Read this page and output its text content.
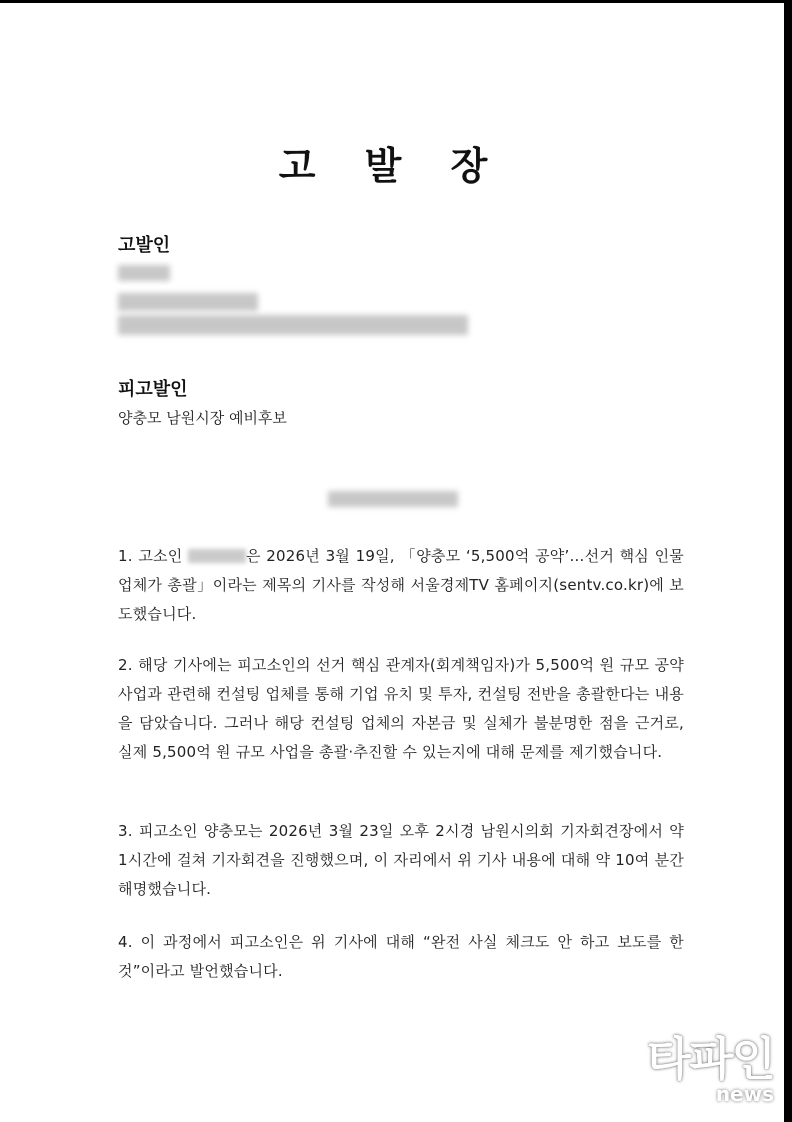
고 발 장
고발인
피고발인
양충모 남원시장 예비후보

1. 고소인	은 2026년 3월 19일, 「양충모 ‘5,500억 공약’…선거 핵심 인물 업체가 총괄」이라는 제목의 기사를 작성해 서울경제TV 홈페이지(sentv.co.kr)에 보도했습니다.

2. 해당 기사에는 피고소인의 선거 핵심 관계자(회계책임자)가 5,500억 원 규모 공약 사업과 관련해 컨설팅 업체를 통해 기업 유치 및 투자, 컨설팅 전반을 총괄한다는 내용을 담았습니다. 그러나 해당 컨설팅 업체의 자본금 및 실체가 불분명한 점을 근거로, 실제 5,500억 원 규모 사업을 총괄·추진할 수 있는지에 대해 문제를 제기했습니다.

3. 피고소인 양충모는 2026년 3월 23일 오후 2시경 남원시의회 기자회견장에서 약 1시간에 걸쳐 기자회견을 진행했으며, 이 자리에서 위 기사 내용에 대해 약 10여 분간 해명했습니다.

4. 이 과정에서 피고소인은 위 기사에 대해 “완전 사실 체크도 안 하고 보도를 한 것”이라고 발언했습니다.

타파인
news
